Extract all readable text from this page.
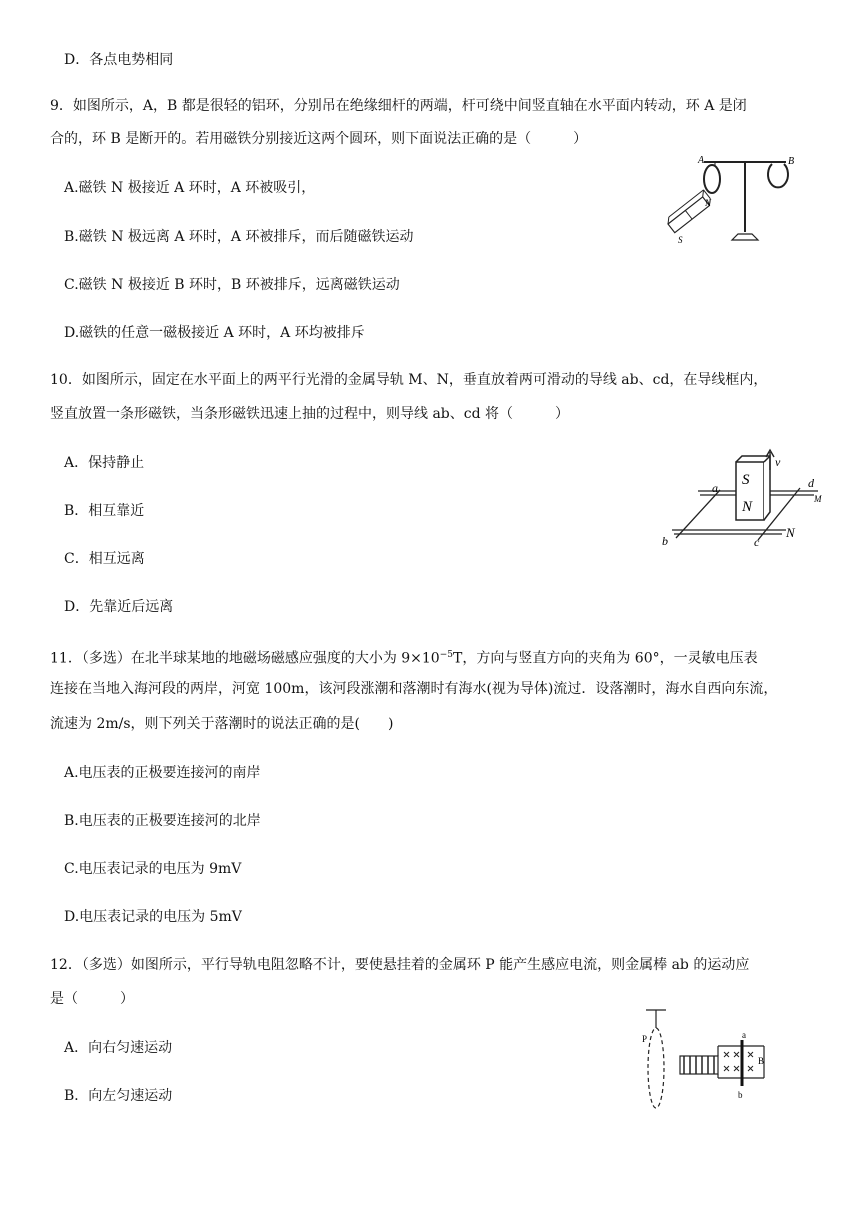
D．各点电势相同
9．如图所示，A，B 都是很轻的铝环，分别吊在绝缘细杆的两端，杆可绕中间竖直轴在水平面内转动，环 A 是闭
合的，环 B 是断开的。若用磁铁分别接近这两个圆环，则下面说法正确的是（　　　）
A.磁铁 N 极接近 A 环时，A 环被吸引，
B.磁铁 N 极远离 A 环时，A 环被排斥，而后随磁铁运动
C.磁铁 N 极接近 B 环时，B 环被排斥，远离磁铁运动
D.磁铁的任意一磁极接近 A 环时，A 环均被排斥
A	B
N
S
10．如图所示，固定在水平面上的两平行光滑的金属导轨 M、N，垂直放着两可滑动的导线 ab、cd，在导线框内，
竖直放置一条形磁铁，当条形磁铁迅速上抽的过程中，则导线 ab、cd 将（　　　）
A．保持静止
B．相互靠近
C．相互远离
D．先靠近后远离
S
N
v
a
b	c
d
M
N
11．（多选）在北半球某地的地磁场磁感应强度的大小为 $9\times 10^{-5}T$，方向与竖直方向的夹角为 60°，一灵敏电压表
连接在当地入海河段的两岸，河宽 100m，该河段涨潮和落潮时有海水(视为导体)流过．设落潮时，海水自西向东流，
流速为 2m/s，则下列关于落潮时的说法正确的是(　　)
A.电压表的正极要连接河的南岸
B.电压表的正极要连接河的北岸
C.电压表记录的电压为 9mV
D.电压表记录的电压为 5mV
12．（多选）如图所示，平行导轨电阻忽略不计，要使悬挂着的金属环 P 能产生感应电流，则金属棒 ab 的运动应
是（　　　）
A．向右匀速运动
B．向左匀速运动
P	a
b
B
